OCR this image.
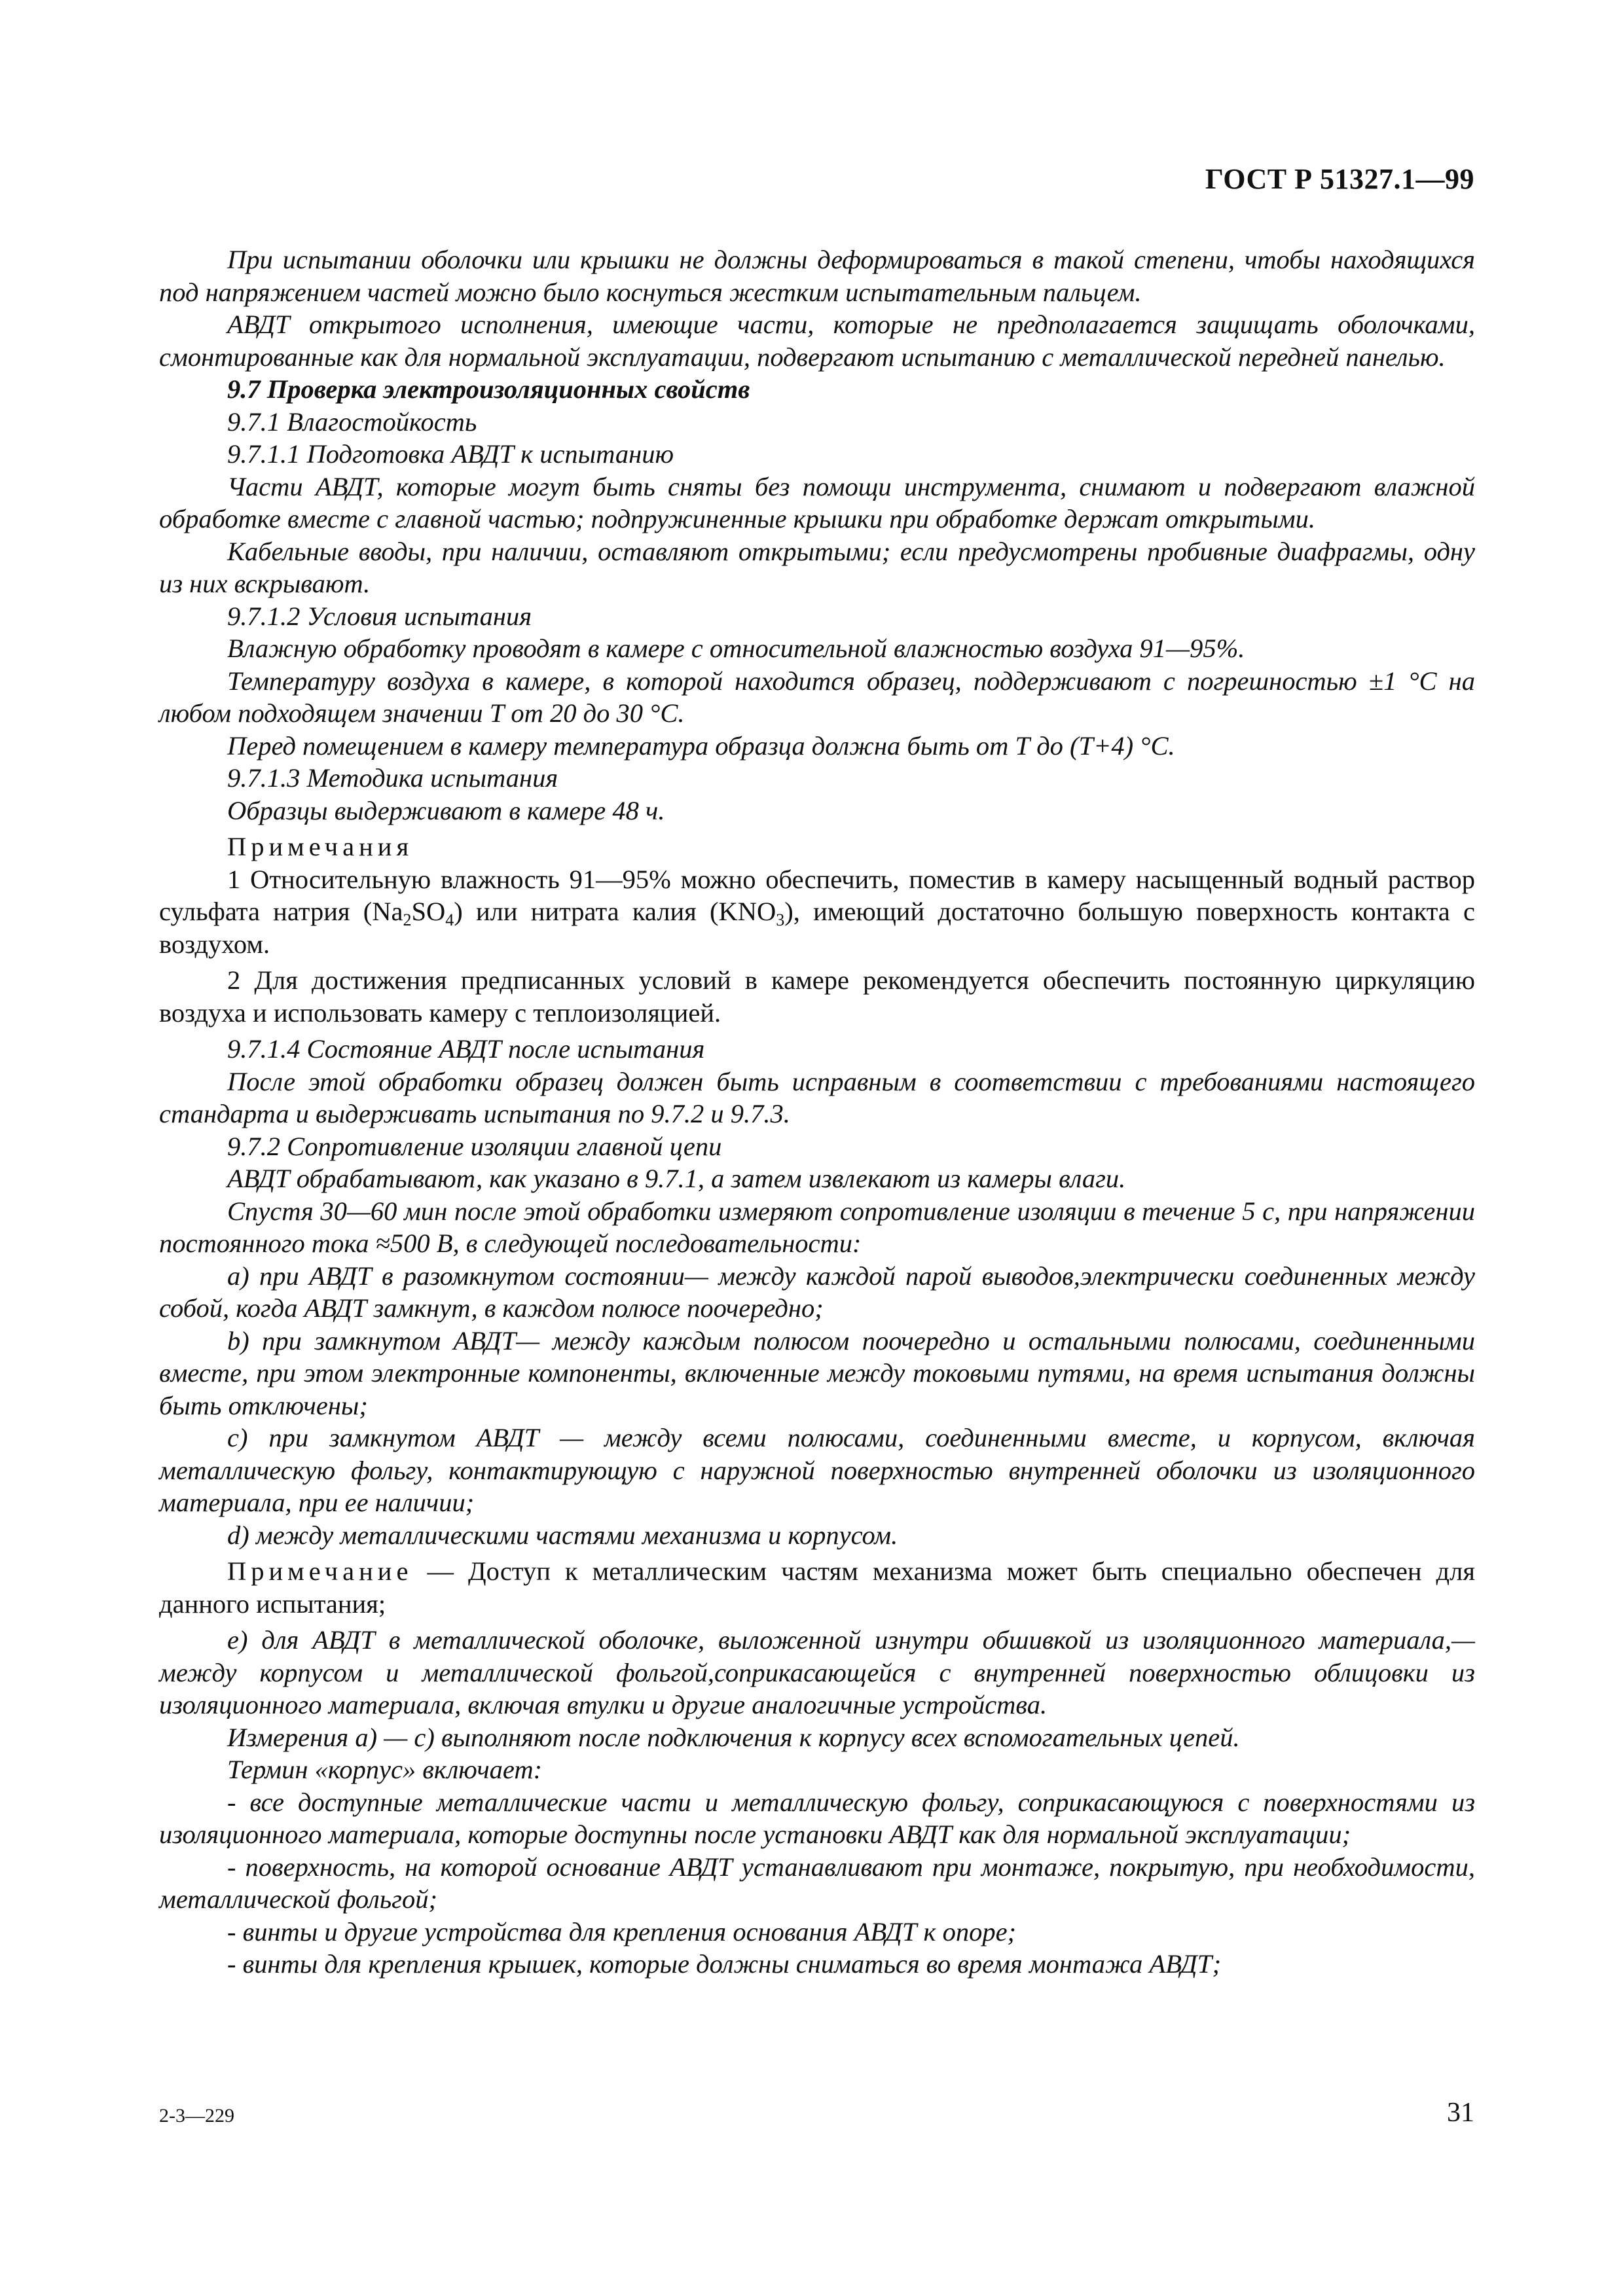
ГОСТ Р 51327.1—99

При испытании оболочки или крышки не должны деформироваться в такой степени, чтобы находящихся под напряжением частей можно было коснуться жестким испытательным пальцем.

АВДТ открытого исполнения, имеющие части, которые не предполагается защищать оболочками, смонтированные как для нормальной эксплуатации, подвергают испытанию с металлической передней панелью.

9.7 Проверка электроизоляционных свойств

9.7.1 Влагостойкость

9.7.1.1 Подготовка АВДТ к испытанию

Части АВДТ, которые могут быть сняты без помощи инструмента, снимают и подвергают влажной обработке вместе с главной частью; подпружиненные крышки при обработке держат открытыми.

Кабельные вводы, при наличии, оставляют открытыми; если предусмотрены пробивные диафрагмы, одну из них вскрывают.

9.7.1.2 Условия испытания

Влажную обработку проводят в камере с относительной влажностью воздуха 91—95%.

Температуру воздуха в камере, в которой находится образец, поддерживают с погрешностью ±1 °С на любом подходящем значении Т от 20 до 30 °С.

Перед помещением в камеру температура образца должна быть от Т до (Т+4) °С.

9.7.1.3 Методика испытания

Образцы выдерживают в камере 48 ч.

Примечания

1 Относительную влажность 91—95% можно обеспечить, поместив в камеру насыщенный водный раствор сульфата натрия $(Na_2SO_4)$ или нитрата калия $(KNO_3)$, имеющий достаточно большую поверхность контакта с воздухом.

2 Для достижения предписанных условий в камере рекомендуется обеспечить постоянную циркуляцию воздуха и использовать камеру с теплоизоляцией.

9.7.1.4 Состояние АВДТ после испытания

После этой обработки образец должен быть исправным в соответствии с требованиями настоящего стандарта и выдерживать испытания по 9.7.2 и 9.7.3.

9.7.2 Сопротивление изоляции главной цепи

АВДТ обрабатывают, как указано в 9.7.1, а затем извлекают из камеры влаги.

Спустя 30—60 мин после этой обработки измеряют сопротивление изоляции в течение 5 с, при напряжении постоянного тока ≈500 В, в следующей последовательности:

a) при АВДТ в разомкнутом состоянии— между каждой парой выводов,электрически соединенных между собой, когда АВДТ замкнут, в каждом полюсе поочередно;

b) при замкнутом АВДТ— между каждым полюсом поочередно и остальными полюсами, соединенными вместе, при этом электронные компоненты, включенные между токовыми путями, на время испытания должны быть отключены;

c) при замкнутом АВДТ — между всеми полюсами, соединенными вместе, и корпусом, включая металлическую фольгу, контактирующую с наружной поверхностью внутренней оболочки из изоляционного материала, при ее наличии;

d) между металлическими частями механизма и корпусом.

Примечание — Доступ к металлическим частям механизма может быть специально обеспечен для данного испытания;

e) для АВДТ в металлической оболочке, выложенной изнутри обшивкой из изоляционного материала,— между корпусом и металлической фольгой,соприкасающейся с внутренней поверхностью облицовки из изоляционного материала, включая втулки и другие аналогичные устройства.

Измерения a) — c) выполняют после подключения к корпусу всех вспомогательных цепей.

Термин «корпус» включает:

- все доступные металлические части и металлическую фольгу, соприкасающуюся с поверхностями из изоляционного материала, которые доступны после установки АВДТ как для нормальной эксплуатации;

- поверхность, на которой основание АВДТ устанавливают при монтаже, покрытую, при необходимости, металлической фольгой;

- винты и другие устройства для крепления основания АВДТ к опоре;

- винты для крепления крышек, которые должны сниматься во время монтажа АВДТ;

2-3—229	31
